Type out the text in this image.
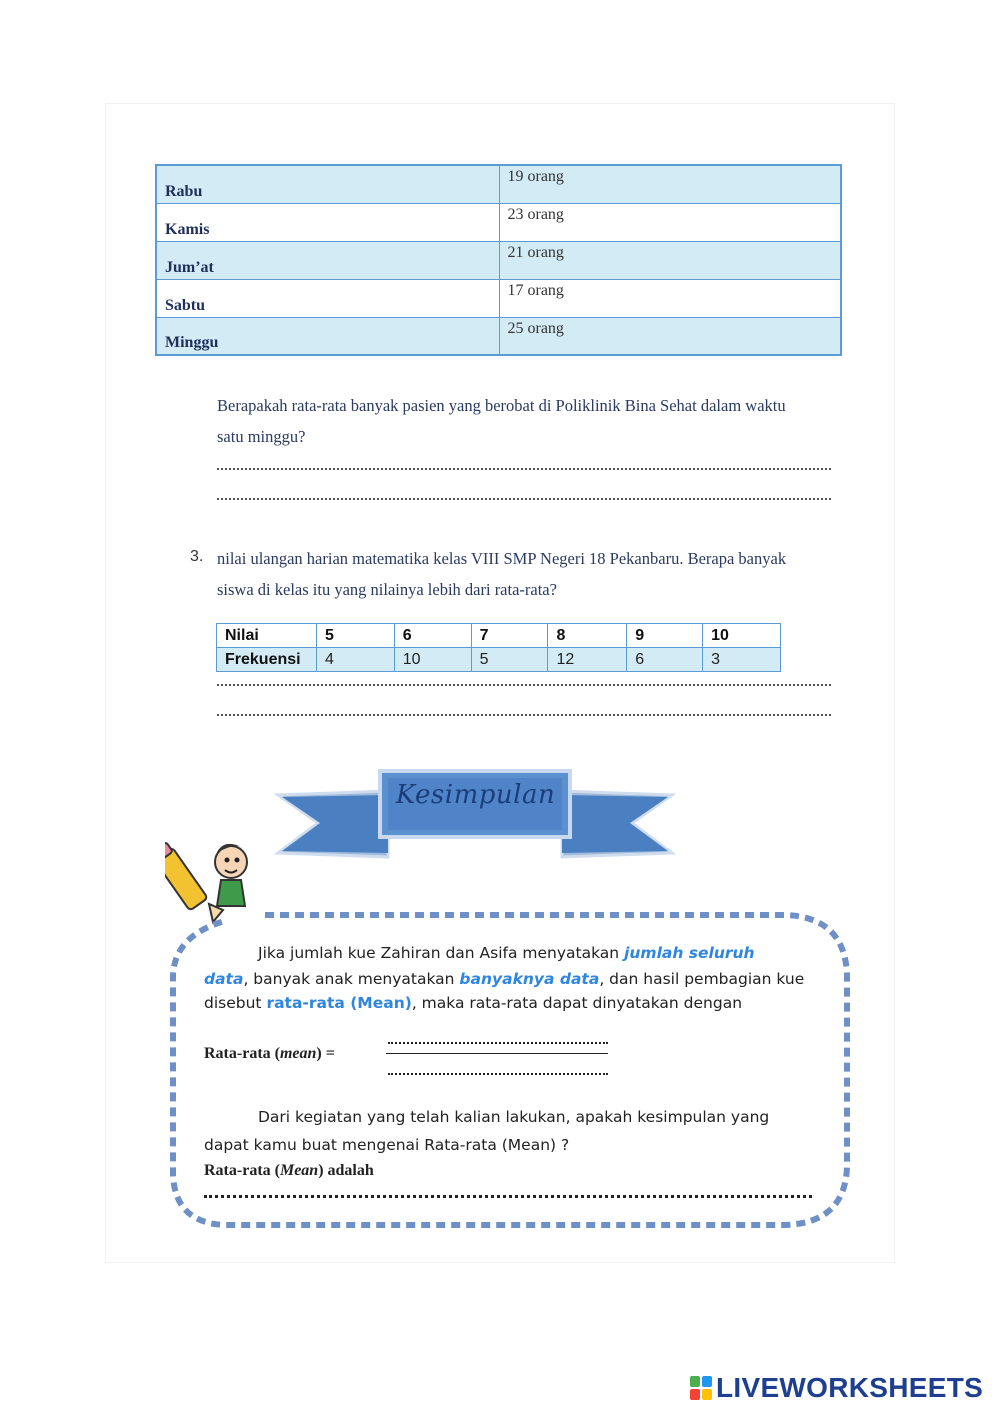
Rabu	19 orang
Kamis	23 orang
Jum’at	21 orang
Sabtu	17 orang
Minggu	25 orang
Berapakah rata-rata banyak pasien yang berobat di Poliklinik Bina Sehat dalam waktu
satu minggu?
3. nilai ulangan harian matematika kelas VIII SMP Negeri 18 Pekanbaru. Berapa banyak
siswa di kelas itu yang nilainya lebih dari rata-rata?
Nilai	5	6	7	8	9	10
Frekuensi	4	10	5	12	6	3
Kesimpulan
Jika jumlah kue Zahiran dan Asifa menyatakan jumlah seluruh
data, banyak anak menyatakan banyaknya data, dan hasil pembagian kue
disebut rata-rata (Mean), maka rata-rata dapat dinyatakan dengan
Rata-rata (mean) =
Dari kegiatan yang telah kalian lakukan, apakah kesimpulan yang
dapat kamu buat mengenai Rata-rata (Mean) ?
Rata-rata (Mean) adalah
LIVEWORKSHEETS
